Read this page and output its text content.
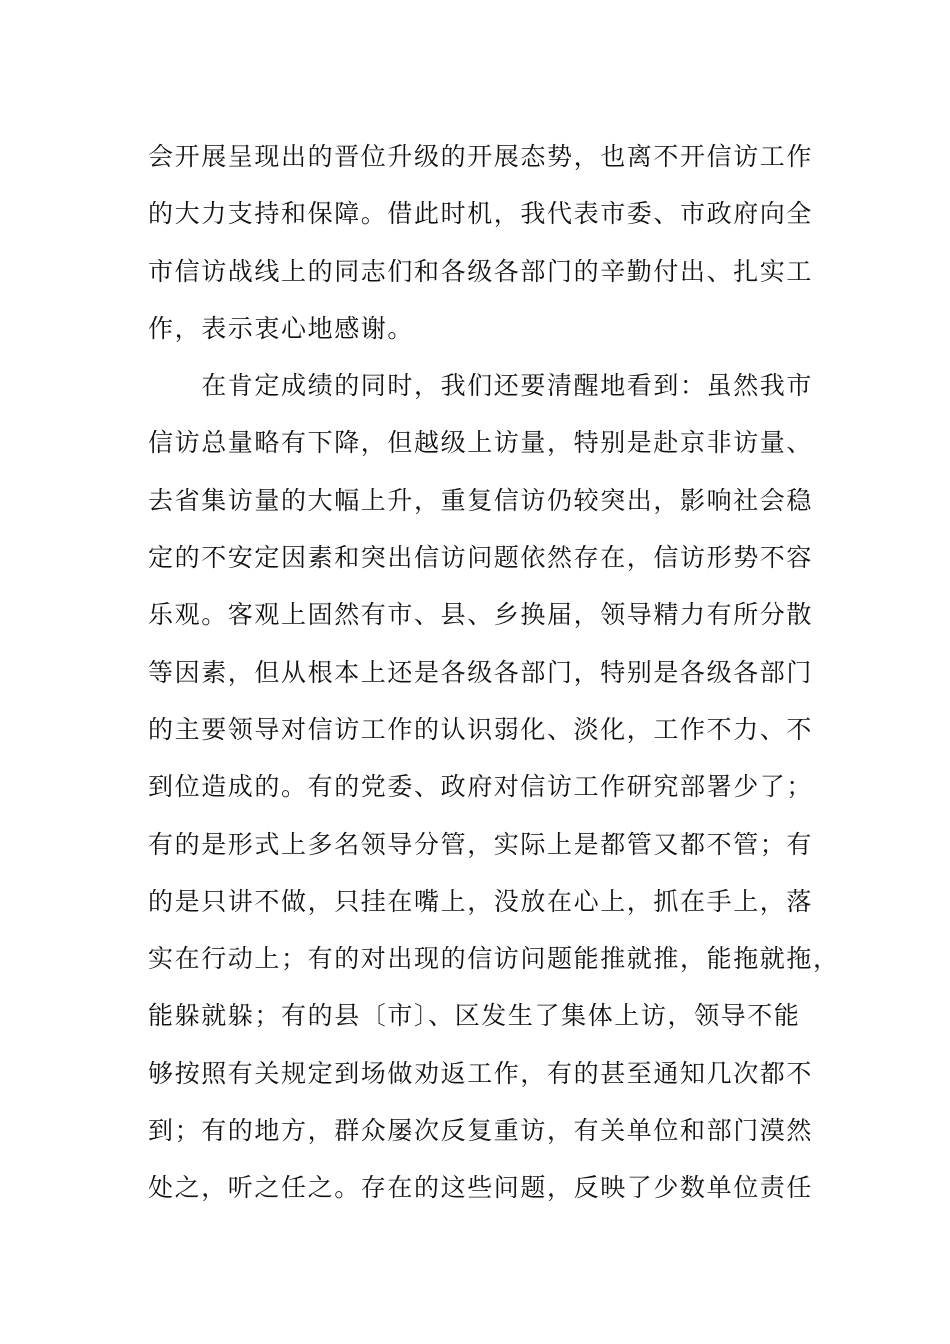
会开展呈现出的晋位升级的开展态势，也离不开信访工作
的大力支持和保障。借此时机，我代表市委、市政府向全
市信访战线上的同志们和各级各部门的辛勤付出、扎实工
作，表示衷心地感谢。
　　在肯定成绩的同时，我们还要清醒地看到：虽然我市
信访总量略有下降，但越级上访量，特别是赴京非访量、
去省集访量的大幅上升，重复信访仍较突出，影响社会稳
定的不安定因素和突出信访问题依然存在，信访形势不容
乐观。客观上固然有市、县、乡换届，领导精力有所分散
等因素，但从根本上还是各级各部门，特别是各级各部门
的主要领导对信访工作的认识弱化、淡化，工作不力、不
到位造成的。有的党委、政府对信访工作研究部署少了；
有的是形式上多名领导分管，实际上是都管又都不管；有
的是只讲不做，只挂在嘴上，没放在心上，抓在手上，落
实在行动上；有的对出现的信访问题能推就推，能拖就拖，
能躲就躲；有的县〔市〕、区发生了集体上访，领导不能
够按照有关规定到场做劝返工作，有的甚至通知几次都不
到；有的地方，群众屡次反复重访，有关单位和部门漠然
处之，听之任之。存在的这些问题，反映了少数单位责任
